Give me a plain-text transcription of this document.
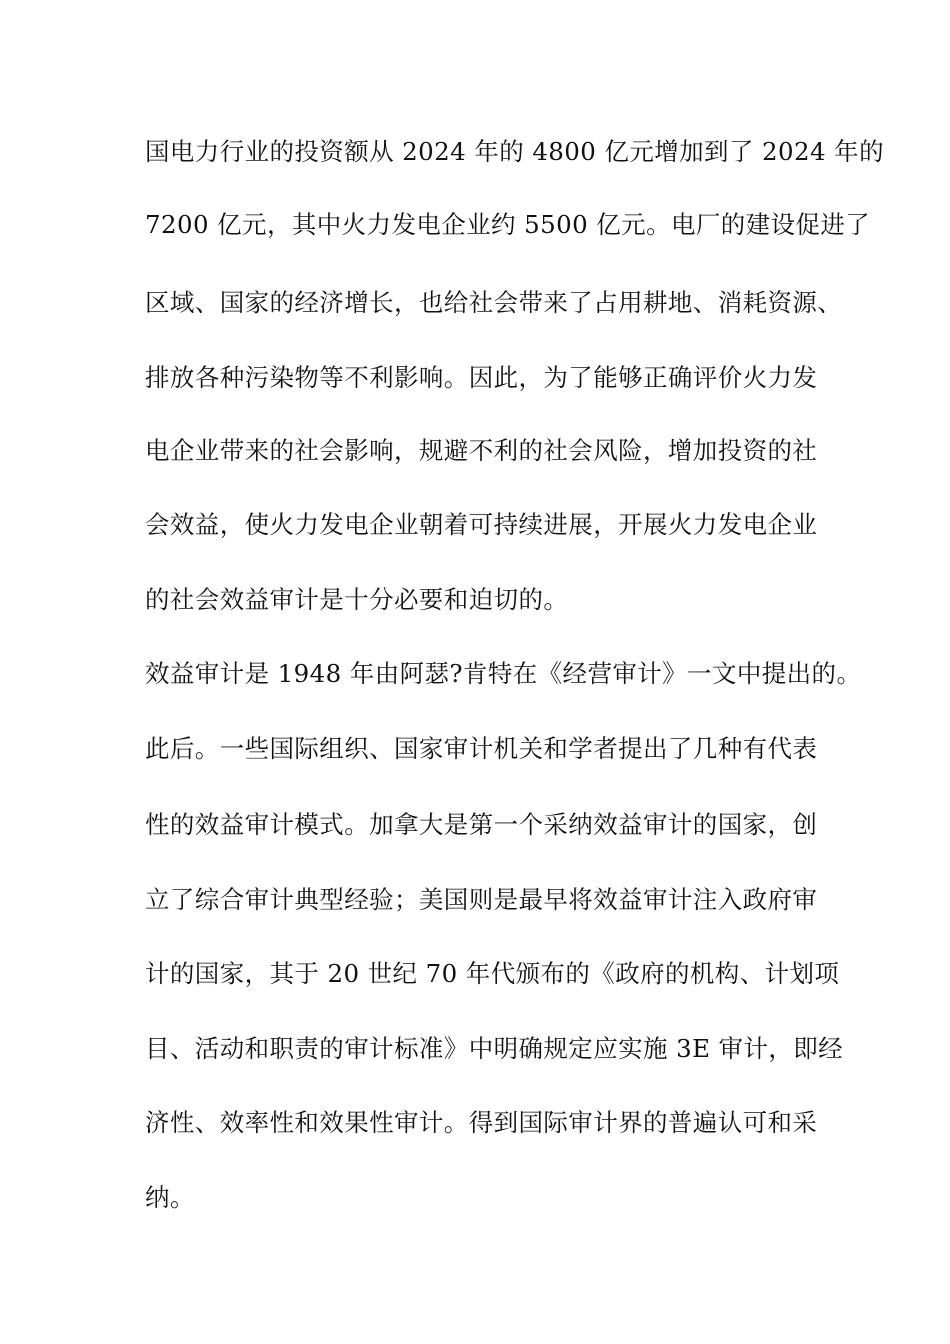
国电力行业的投资额从 2024 年的 4800 亿元增加到了 2024 年的
7200 亿元，其中火力发电企业约 5500 亿元。电厂的建设促进了
区域、国家的经济增长，也给社会带来了占用耕地、消耗资源、
排放各种污染物等不利影响。因此，为了能够正确评价火力发
电企业带来的社会影响，规避不利的社会风险，增加投资的社
会效益，使火力发电企业朝着可持续进展，开展火力发电企业
的社会效益审计是十分必要和迫切的。
效益审计是 1948 年由阿瑟?肯特在《经营审计》一文中提出的。
此后。一些国际组织、国家审计机关和学者提出了几种有代表
性的效益审计模式。加拿大是第一个采纳效益审计的国家，创
立了综合审计典型经验；美国则是最早将效益审计注入政府审
计的国家，其于 20 世纪 70 年代颁布的《政府的机构、计划项
目、活动和职责的审计标准》中明确规定应实施 3E 审计，即经
济性、效率性和效果性审计。得到国际审计界的普遍认可和采
纳。
